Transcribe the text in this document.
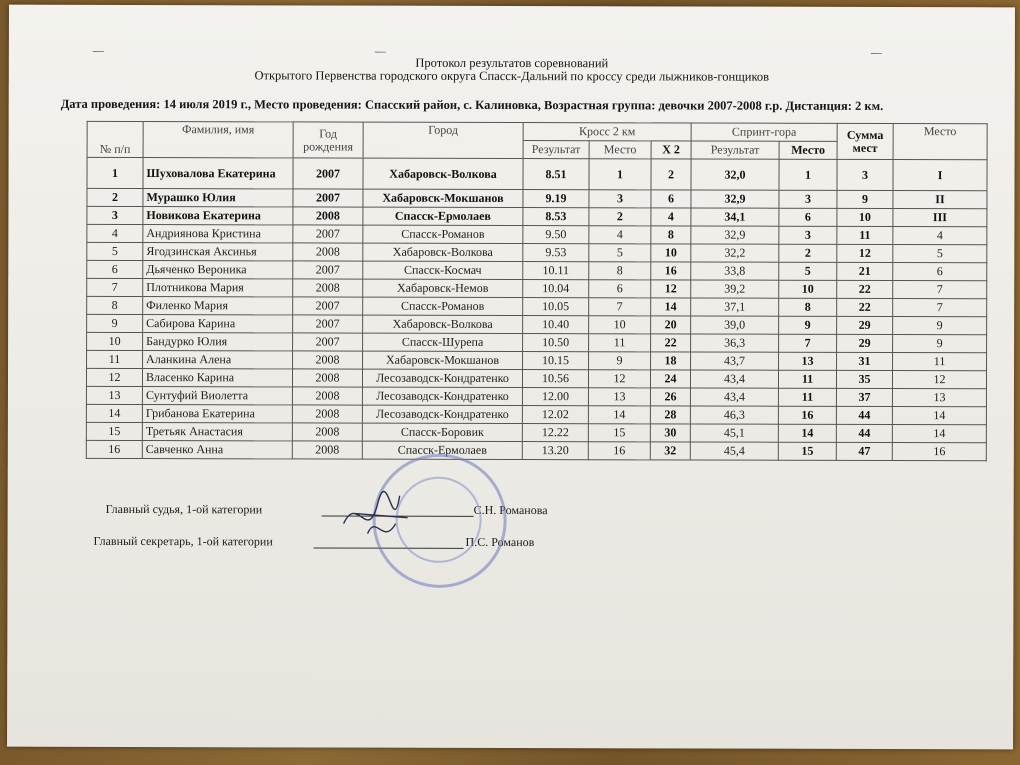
—	—	—
Протокол результатов соревнований
Открытого Первенства городского округа Спасск-Дальний по кроссу среди лыжников-гонщиков
Дата проведения: 14 июля 2019 г., Место проведения: Спасский район, с. Калиновка, Возрастная группа: девочки 2007-2008 г.р. Дистанция: 2 км.
№ п/п	Фамилия, имя	Год рождения	Город	Кросс 2 км			Спринт-гора		Сумма мест	Место
				Результат	Место	Х 2	Результат	Место		
1	Шуховалова Екатерина	2007	Хабаровск-Волкова	8.51	1	2	32,0	1	3	I
2	Мурашко Юлия	2007	Хабаровск-Мокшанов	9.19	3	6	32,9	3	9	II
3	Новикова Екатерина	2008	Спасск-Ермолаев	8.53	2	4	34,1	6	10	III
4	Андриянова Кристина	2007	Спасск-Романов	9.50	4	8	32,9	3	11	4
5	Ягодзинская Аксинья	2008	Хабаровск-Волкова	9.53	5	10	32,2	2	12	5
6	Дьяченко Вероника	2007	Спасск-Космач	10.11	8	16	33,8	5	21	6
7	Плотникова Мария	2008	Хабаровск-Немов	10.04	6	12	39,2	10	22	7
8	Филенко Мария	2007	Спасск-Романов	10.05	7	14	37,1	8	22	7
9	Сабирова Карина	2007	Хабаровск-Волкова	10.40	10	20	39,0	9	29	9
10	Бандурко Юлия	2007	Спасск-Шурепа	10.50	11	22	36,3	7	29	9
11	Аланкина Алена	2008	Хабаровск-Мокшанов	10.15	9	18	43,7	13	31	11
12	Власенко Карина	2008	Лесозаводск-Кондратенко	10.56	12	24	43,4	11	35	12
13	Сунтуфий Виолетта	2008	Лесозаводск-Кондратенко	12.00	13	26	43,4	11	37	13
14	Грибанова Екатерина	2008	Лесозаводск-Кондратенко	12.02	14	28	46,3	16	44	14
15	Третьяк Анастасия	2008	Спасск-Боровик	12.22	15	30	45,1	14	44	14
16	Савченко Анна	2008	Спасск-Ермолаев	13.20	16	32	45,4	15	47	16
Главный судья, 1-ой категории	С.Н. Романова
Главный секретарь, 1-ой категории	П.С. Романов
